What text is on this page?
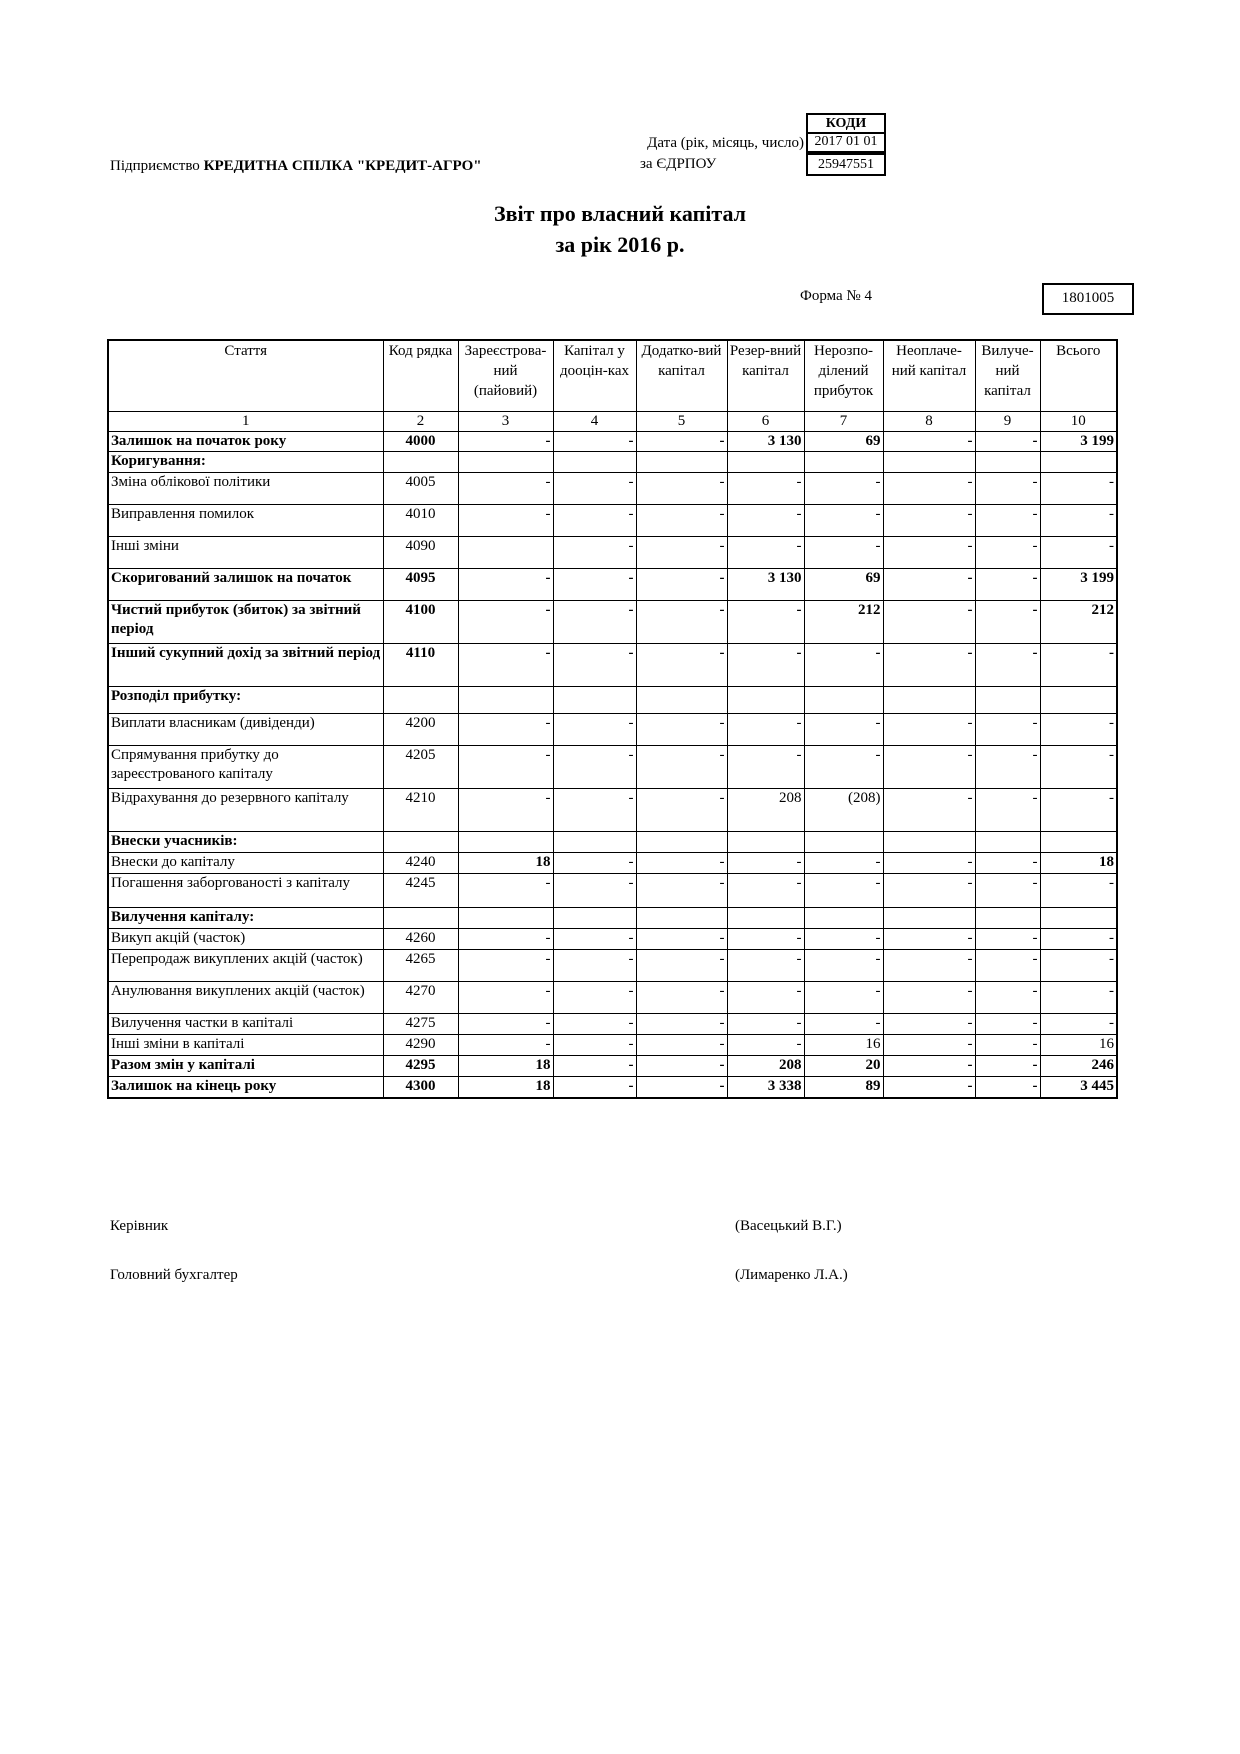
КОДИ
Дата (рік, місяць, число) 2017 01 01
за ЄДРПОУ	25947551
Підприємство КРЕДИТНА СПІЛКА "КРЕДИТ-АГРО"
Звіт про власний капітал
за рік 2016 р.
Форма № 4	1801005
Стаття	Код рядка	Зареєстрова-ний (пайовий)	Капітал у дооцін-ках	Додатко-вий капітал	Резер-вний капітал	Нерозпо-ділений прибуток	Неоплаче-ний капітал	Вилуче-ний капітал	Всього
1	2	3	4	5	6	7	8	9	10
Залишок на початок року	4000	-	-	-	3 130	69	-	-	3 199
Коригування:									
Зміна облікової політики	4005	-	-	-	-	-	-	-	-
Виправлення помилок	4010	-	-	-	-	-	-	-	-
Інші зміни	4090		-	-	-	-	-	-	-
Скоригований залишок на початок	4095	-	-	-	3 130	69	-	-	3 199
Чистий прибуток (збиток) за звітний період	4100	-	-	-	-	212	-	-	212
Інший сукупний дохід за звітний період	4110	-	-	-	-	-	-	-	-
Розподіл прибутку:									
Виплати власникам (дивіденди)	4200	-	-	-	-	-	-	-	-
Спрямування прибутку до зареєстрованого капіталу	4205	-	-	-	-	-	-	-	-
Відрахування до резервного капіталу	4210	-	-	-	208	(208)	-	-	-
Внески учасників:									
Внески до капіталу	4240	18	-	-	-	-	-	-	18
Погашення заборгованості з капіталу	4245	-	-	-	-	-	-	-	-
Вилучення капіталу:									
Викуп акцій (часток)	4260	-	-	-	-	-	-	-	-
Перепродаж викуплених акцій (часток)	4265	-	-	-	-	-	-	-	-
Анулювання викуплених акцій (часток)	4270	-	-	-	-	-	-	-	-
Вилучення частки в капіталі	4275	-	-	-	-	-	-	-	-
Інші зміни в капіталі	4290	-	-	-	-	16	-	-	16
Разом змін у капіталі	4295	18	-	-	208	20	-	-	246
Залишок на кінець року	4300	18	-	-	3 338	89	-	-	3 445
Керівник	(Васецький В.Г.)
Головний бухгалтер	(Лимаренко Л.А.)
